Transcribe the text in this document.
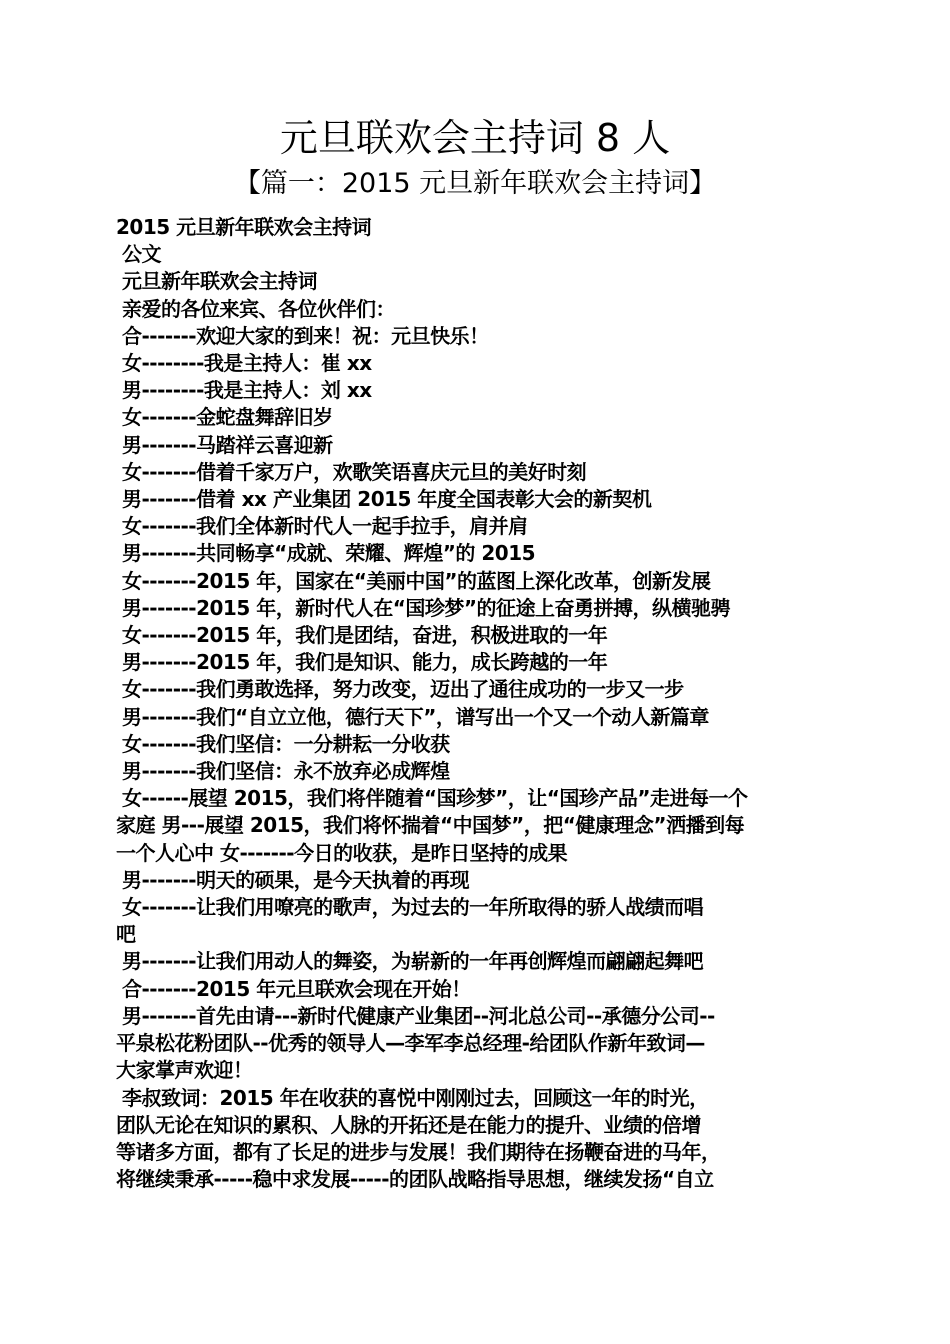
元旦联欢会主持词 8 人
【篇一：2015 元旦新年联欢会主持词】
2015 元旦新年联欢会主持词
公文
元旦新年联欢会主持词
亲爱的各位来宾、各位伙伴们：
合-------欢迎大家的到来！祝：元旦快乐！
女--------我是主持人：崔 xx
男--------我是主持人：刘 xx
女-------金蛇盘舞辞旧岁
男-------马踏祥云喜迎新
女-------借着千家万户，欢歌笑语喜庆元旦的美好时刻
男-------借着 xx 产业集团 2015 年度全国表彰大会的新契机
女-------我们全体新时代人一起手拉手，肩并肩
男-------共同畅享“成就、荣耀、辉煌”的 2015
女-------2015 年，国家在“美丽中国”的蓝图上深化改革，创新发展
男-------2015 年，新时代人在“国珍梦”的征途上奋勇拼搏，纵横驰骋
女-------2015 年，我们是团结，奋进，积极进取的一年
男-------2015 年，我们是知识、能力，成长跨越的一年
女-------我们勇敢选择，努力改变，迈出了通往成功的一步又一步
男-------我们“自立立他，德行天下”，谱写出一个又一个动人新篇章
女-------我们坚信：一分耕耘一分收获
男-------我们坚信：永不放弃必成辉煌
女------展望 2015，我们将伴随着“国珍梦”，让“国珍产品”走进每一个
家庭 男---展望 2015，我们将怀揣着“中国梦”，把“健康理念”洒播到每
一个人心中 女-------今日的收获，是昨日坚持的成果
男-------明天的硕果，是今天执着的再现
女-------让我们用嘹亮的歌声，为过去的一年所取得的骄人战绩而唱
吧
男-------让我们用动人的舞姿，为崭新的一年再创辉煌而翩翩起舞吧
合-------2015 年元旦联欢会现在开始！
男-------首先由请---新时代健康产业集团--河北总公司--承德分公司--
平泉松花粉团队--优秀的领导人—李军李总经理-给团队作新年致词—
大家掌声欢迎！
李叔致词：2015 年在收获的喜悦中刚刚过去，回顾这一年的时光，
团队无论在知识的累积、人脉的开拓还是在能力的提升、业绩的倍增
等诸多方面，都有了长足的进步与发展！我们期待在扬鞭奋进的马年，
将继续秉承-----稳中求发展-----的团队战略指导思想，继续发扬“自立
